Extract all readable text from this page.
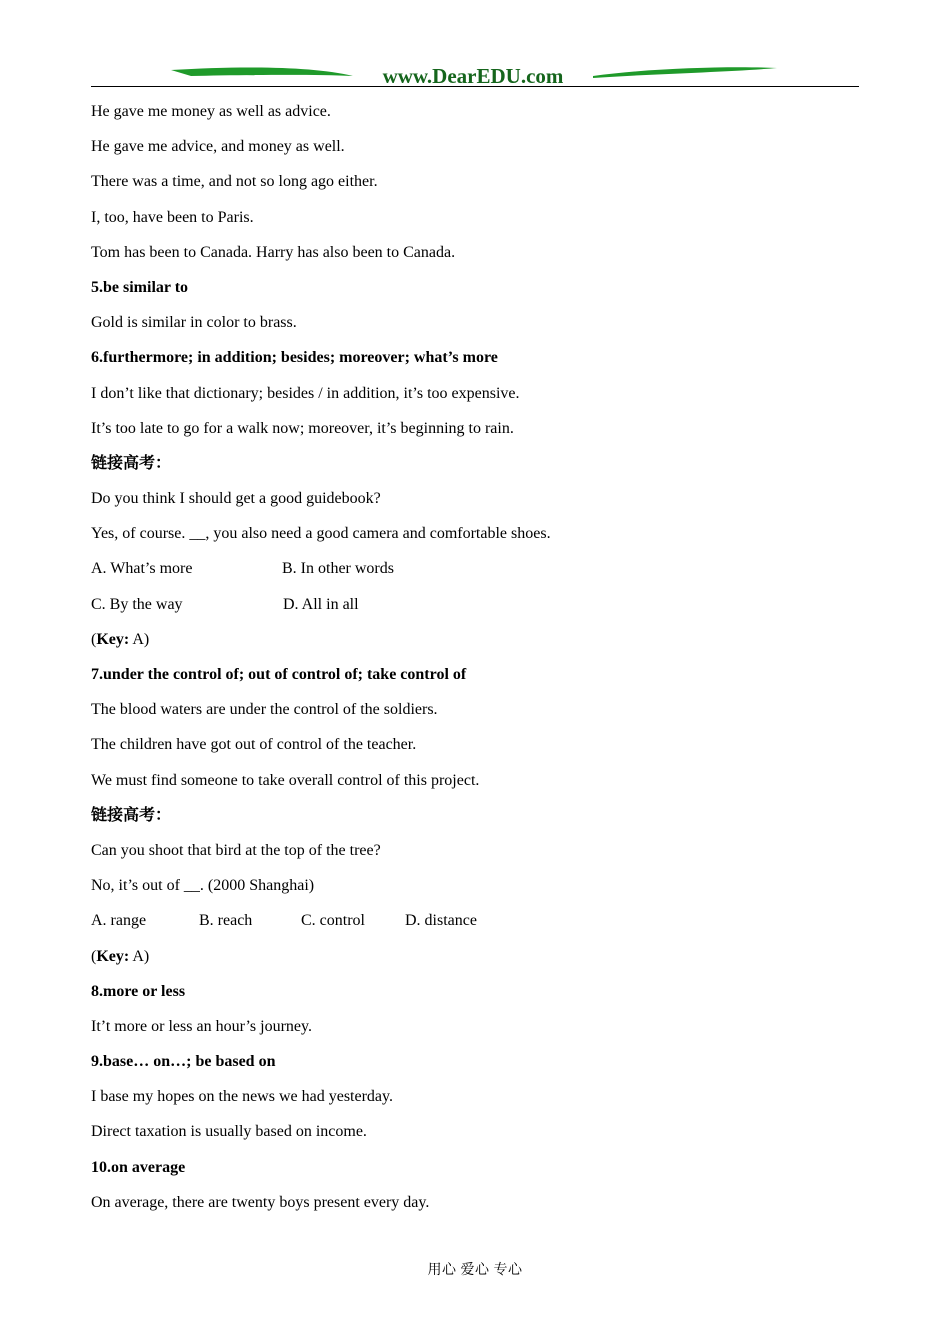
www.DearEDU.com
He gave me money as well as advice.
He gave me advice, and money as well.
There was a time, and not so long ago either.
I, too, have been to Paris.
Tom has been to Canada. Harry has also been to Canada.
5.be similar to
Gold is similar in color to brass.
6.furthermore; in addition; besides; moreover; what’s more
I don’t like that dictionary; besides / in addition, it’s too expensive.
It’s too late to go for a walk now; moreover, it’s beginning to rain.
链接高考：
Do you think I should get a good guidebook?
Yes, of course. __, you also need a good camera and comfortable shoes.
A. What’s more	B. In other words
C. By the way	D. All in all
(Key: A)
7.under the control of; out of control of; take control of
The blood waters are under the control of the soldiers.
The children have got out of control of the teacher.
We must find someone to take overall control of this project.
链接高考：
Can you shoot that bird at the top of the tree?
No, it’s out of __. (2000 Shanghai)
A. range	B. reach	C. control	D. distance
(Key: A)
8.more or less
It’t more or less an hour’s journey.
9.base… on…; be based on
I base my hopes on the news we had yesterday.
Direct taxation is usually based on income.
10.on average
On average, there are twenty boys present every day.
用心 爱心 专心
